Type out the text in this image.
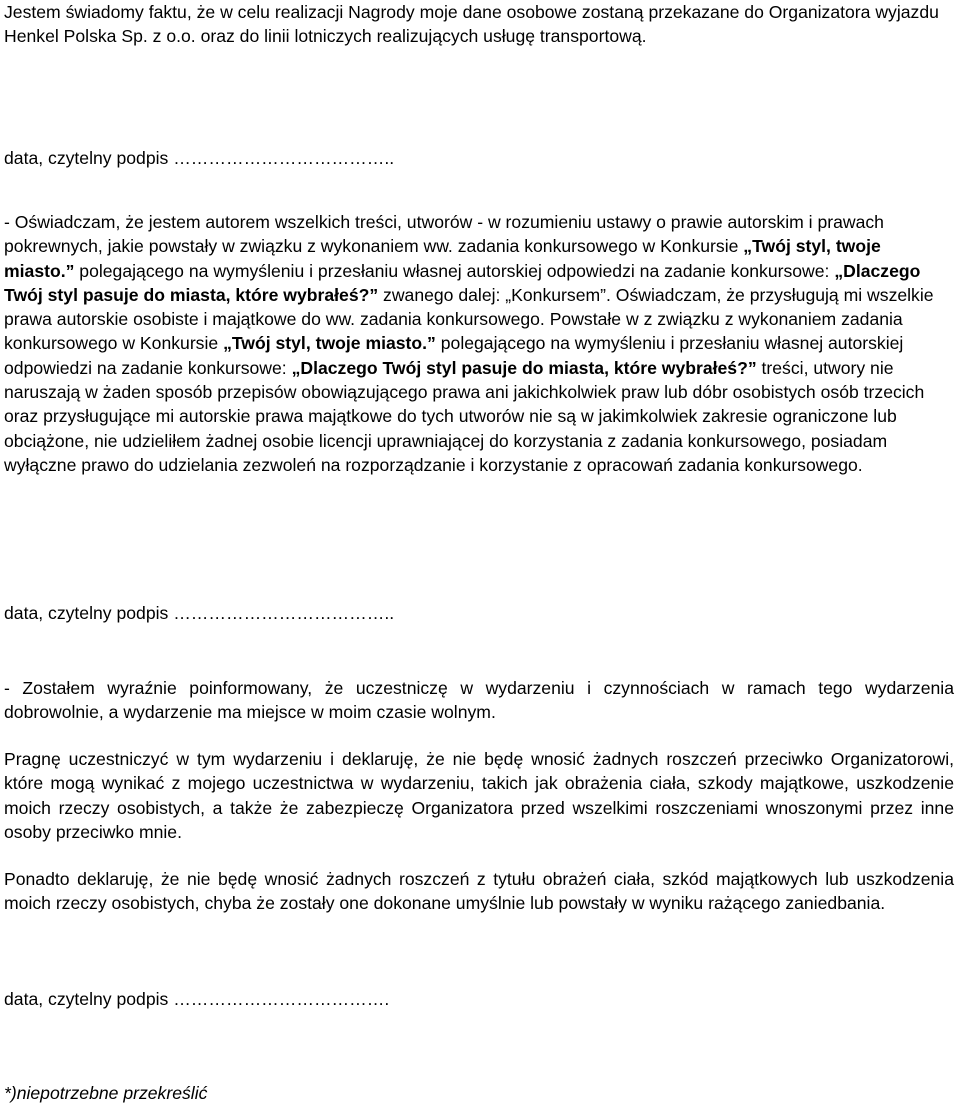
Jestem świadomy faktu, że w celu realizacji Nagrody moje dane osobowe zostaną przekazane do Organizatora wyjazdu Henkel Polska Sp. z o.o. oraz do linii lotniczych realizujących usługę transportową.

data, czytelny podpis ………………………………..

- Oświadczam, że jestem autorem wszelkich treści, utworów - w rozumieniu ustawy o prawie autorskim i prawach pokrewnych, jakie powstały w związku z wykonaniem ww. zadania konkursowego w Konkursie „Twój styl, twoje miasto.” polegającego na wymyśleniu i przesłaniu własnej autorskiej odpowiedzi na zadanie konkursowe: „Dlaczego Twój styl pasuje do miasta, które wybrałeś?” zwanego dalej: „Konkursem”. Oświadczam, że przysługują mi wszelkie prawa autorskie osobiste i majątkowe do ww. zadania konkursowego. Powstałe w z związku z wykonaniem zadania konkursowego w Konkursie „Twój styl, twoje miasto.” polegającego na wymyśleniu i przesłaniu własnej autorskiej odpowiedzi na zadanie konkursowe: „Dlaczego Twój styl pasuje do miasta, które wybrałeś?” treści, utwory nie naruszają w żaden sposób przepisów obowiązującego prawa ani jakichkolwiek praw lub dóbr osobistych osób trzecich oraz przysługujące mi autorskie prawa majątkowe do tych utworów nie są w jakimkolwiek zakresie ograniczone lub obciążone, nie udzieliłem żadnej osobie licencji uprawniającej do korzystania z zadania konkursowego, posiadam wyłączne prawo do udzielania zezwoleń na rozporządzanie i korzystanie z opracowań zadania konkursowego.

data, czytelny podpis ………………………………..

- Zostałem wyraźnie poinformowany, że uczestniczę w wydarzeniu i czynnościach w ramach tego wydarzenia dobrowolnie, a wydarzenie ma miejsce w moim czasie wolnym.

Pragnę uczestniczyć w tym wydarzeniu i deklaruję, że nie będę wnosić żadnych roszczeń przeciwko Organizatorowi, które mogą wynikać z mojego uczestnictwa w wydarzeniu, takich jak obrażenia ciała, szkody majątkowe, uszkodzenie moich rzeczy osobistych, a także że zabezpieczę Organizatora przed wszelkimi roszczeniami wnoszonymi przez inne osoby przeciwko mnie.

Ponadto deklaruję, że nie będę wnosić żadnych roszczeń z tytułu obrażeń ciała, szkód majątkowych lub uszkodzenia moich rzeczy osobistych, chyba że zostały one dokonane umyślnie lub powstały w wyniku rażącego zaniedbania.

data, czytelny podpis ……………………………….

*)niepotrzebne przekreślić
